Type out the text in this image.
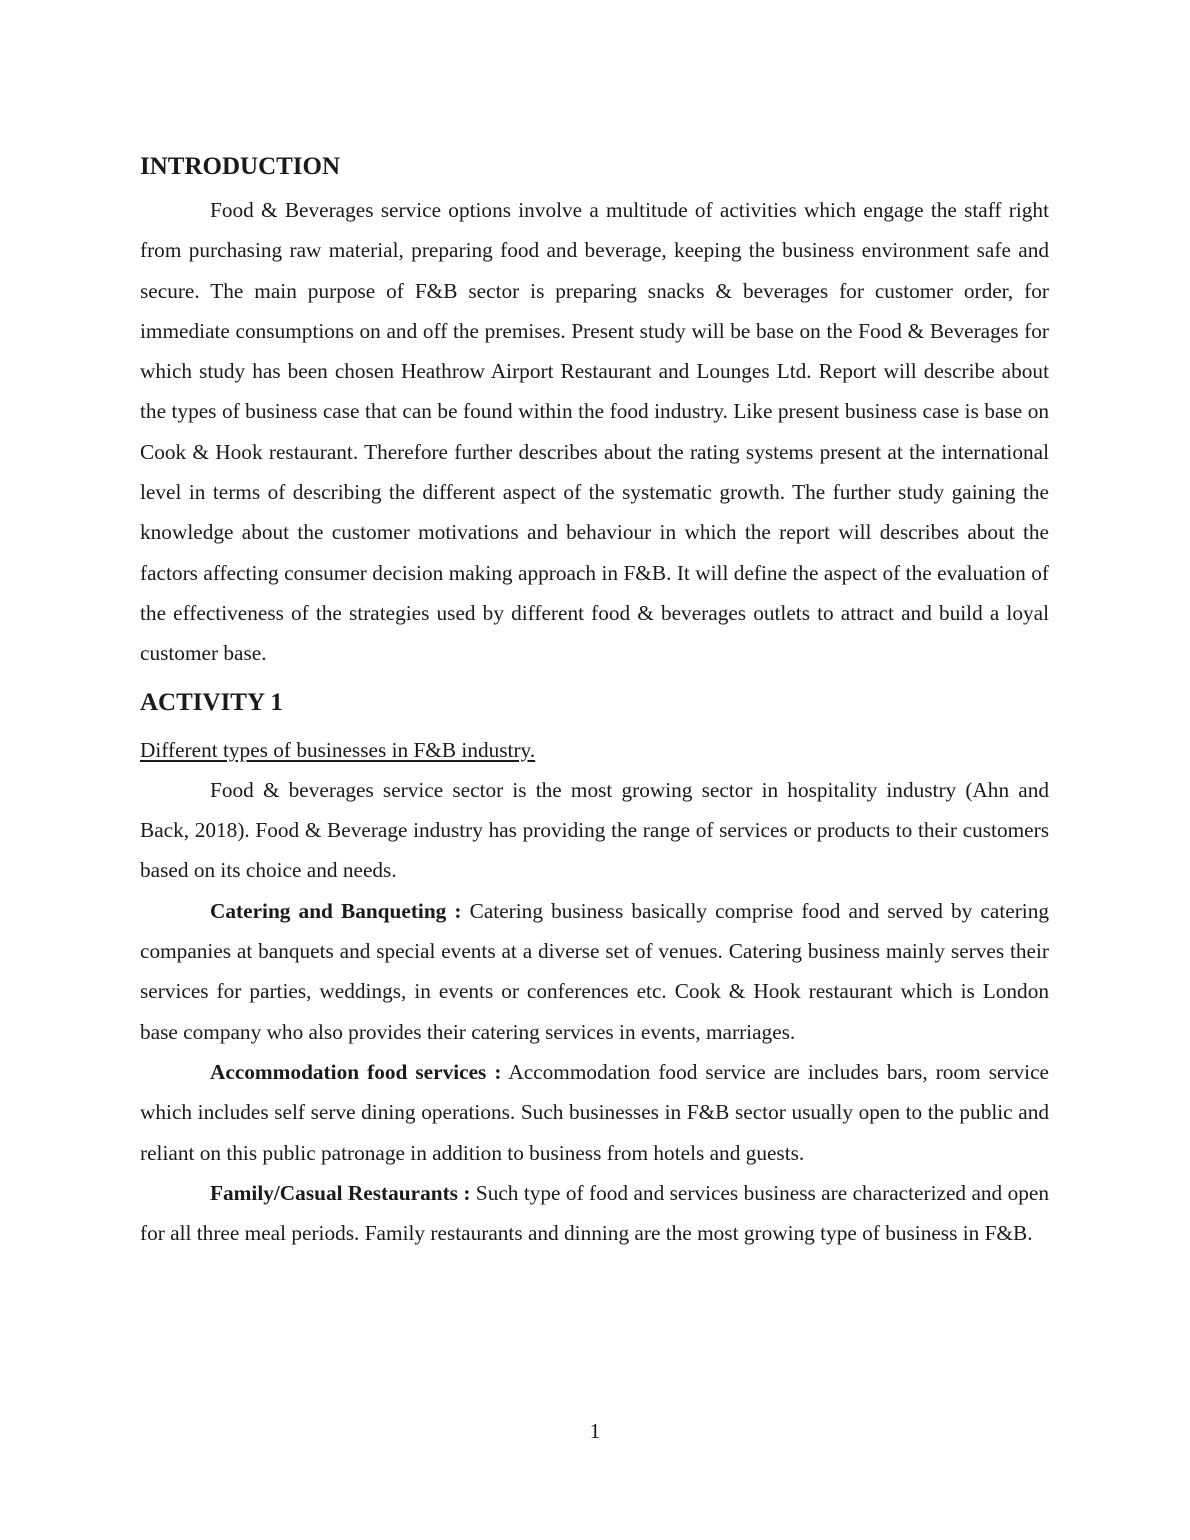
INTRODUCTION

Food & Beverages service options involve a multitude of activities which engage the staff right from purchasing raw material, preparing food and beverage, keeping the business environment safe and secure. The main purpose of F&B sector is preparing snacks & beverages for customer order, for immediate consumptions on and off the premises. Present study will be base on the Food & Beverages for which study has been chosen Heathrow Airport Restaurant and Lounges Ltd. Report will describe about the types of business case that can be found within the food industry. Like present business case is base on Cook & Hook restaurant. Therefore further describes about the rating systems present at the international level in terms of describing the different aspect of the systematic growth. The further study gaining the knowledge about the customer motivations and behaviour in which the report will describes about the factors affecting consumer decision making approach in F&B. It will define the aspect of the evaluation of the effectiveness of the strategies used by different food & beverages outlets to attract and build a loyal customer base.

ACTIVITY 1

Different types of businesses in F&B industry.

Food & beverages service sector is the most growing sector in hospitality industry (Ahn and Back, 2018). Food & Beverage industry has providing the range of services or products to their customers based on its choice and needs.

Catering and Banqueting : Catering business basically comprise food and served by catering companies at banquets and special events at a diverse set of venues. Catering business mainly serves their services for parties, weddings, in events or conferences etc. Cook & Hook restaurant which is London base company who also provides their catering services in events, marriages.

Accommodation food services : Accommodation food service are includes bars, room service which includes self serve dining operations. Such businesses in F&B sector usually open to the public and reliant on this public patronage in addition to business from hotels and guests.

Family/Casual Restaurants : Such type of food and services business are characterized and open for all three meal periods. Family restaurants and dinning are the most growing type of business in F&B.

1
